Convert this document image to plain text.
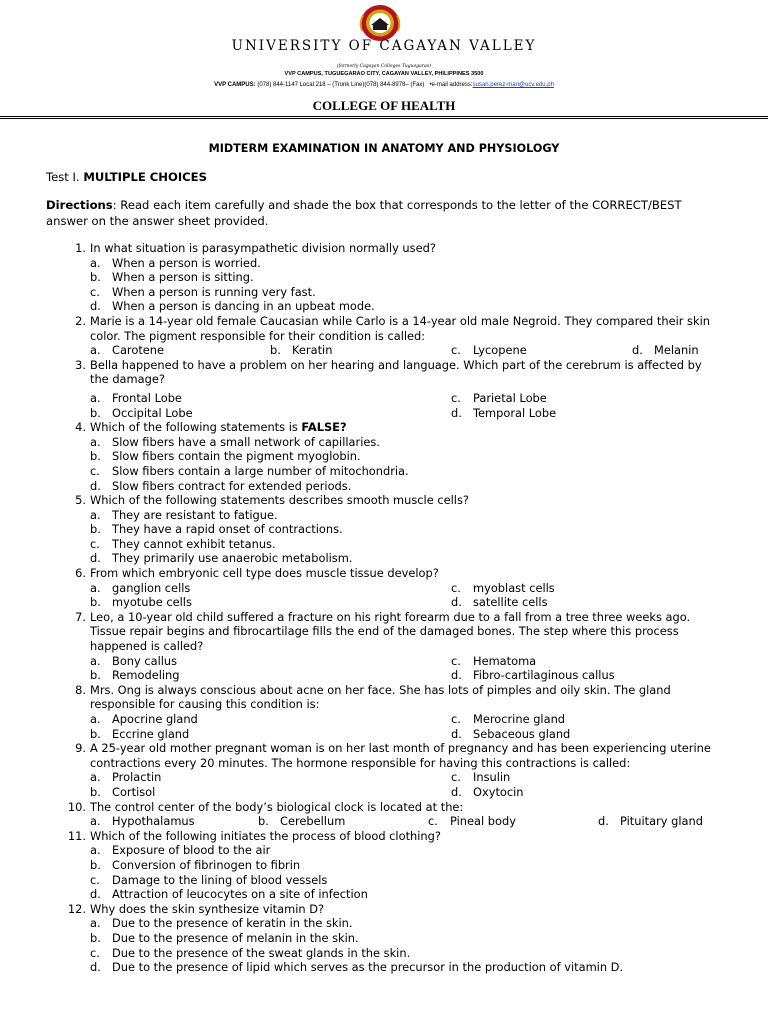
UNIVERSITY OF CAGAYAN VALLEY
(formerly Cagayan Colleges Tuguegarao)
VVP CAMPUS, TUGUEGARAO CITY, CAGAYAN VALLEY, PHILIPPINES 3500
VVP CAMPUS: (078) 844-1147 Local 218 – (Trunk Line)(078) 844-8978– (Fax)   •e-mail address:susan.perez-mari@ucv.edu.ph
COLLEGE OF HEALTH
MIDTERM EXAMINATION IN ANATOMY AND PHYSIOLOGY
Test I. MULTIPLE CHOICES
Directions: Read each item carefully and shade the box that corresponds to the letter of the CORRECT/BEST answer on the answer sheet provided.
1. In what situation is parasympathetic division normally used?
a. When a person is worried.
b. When a person is sitting.
c. When a person is running very fast.
d. When a person is dancing in an upbeat mode.
2. Marie is a 14-year old female Caucasian while Carlo is a 14-year old male Negroid. They compared their skin color. The pigment responsible for their condition is called:
a. Carotene	b. Keratin	c. Lycopene	d. Melanin
3. Bella happened to have a problem on her hearing and language. Which part of the cerebrum is affected by the damage?
a. Frontal Lobe	c. Parietal Lobe
b. Occipital Lobe	d. Temporal Lobe
4. Which of the following statements is FALSE?
a. Slow fibers have a small network of capillaries.
b. Slow fibers contain the pigment myoglobin.
c. Slow fibers contain a large number of mitochondria.
d. Slow fibers contract for extended periods.
5. Which of the following statements describes smooth muscle cells?
a. They are resistant to fatigue.
b. They have a rapid onset of contractions.
c. They cannot exhibit tetanus.
d. They primarily use anaerobic metabolism.
6. From which embryonic cell type does muscle tissue develop?
a. ganglion cells	c. myoblast cells
b. myotube cells	d. satellite cells
7. Leo, a 10-year old child suffered a fracture on his right forearm due to a fall from a tree three weeks ago. Tissue repair begins and fibrocartilage fills the end of the damaged bones. The step where this process happened is called?
a. Bony callus	c. Hematoma
b. Remodeling	d. Fibro-cartilaginous callus
8. Mrs. Ong is always conscious about acne on her face. She has lots of pimples and oily skin. The gland responsible for causing this condition is:
a. Apocrine gland	c. Merocrine gland
b. Eccrine gland	d. Sebaceous gland
9. A 25-year old mother pregnant woman is on her last month of pregnancy and has been experiencing uterine contractions every 20 minutes. The hormone responsible for having this contractions is called:
a. Prolactin	c. Insulin
b. Cortisol	d. Oxytocin
10. The control center of the body’s biological clock is located at the:
a. Hypothalamus	b. Cerebellum	c. Pineal body	d. Pituitary gland
11. Which of the following initiates the process of blood clothing?
a. Exposure of blood to the air
b. Conversion of fibrinogen to fibrin
c. Damage to the lining of blood vessels
d. Attraction of leucocytes on a site of infection
12. Why does the skin synthesize vitamin D?
a. Due to the presence of keratin in the skin.
b. Due to the presence of melanin in the skin.
c. Due to the presence of the sweat glands in the skin.
d. Due to the presence of lipid which serves as the precursor in the production of vitamin D.
